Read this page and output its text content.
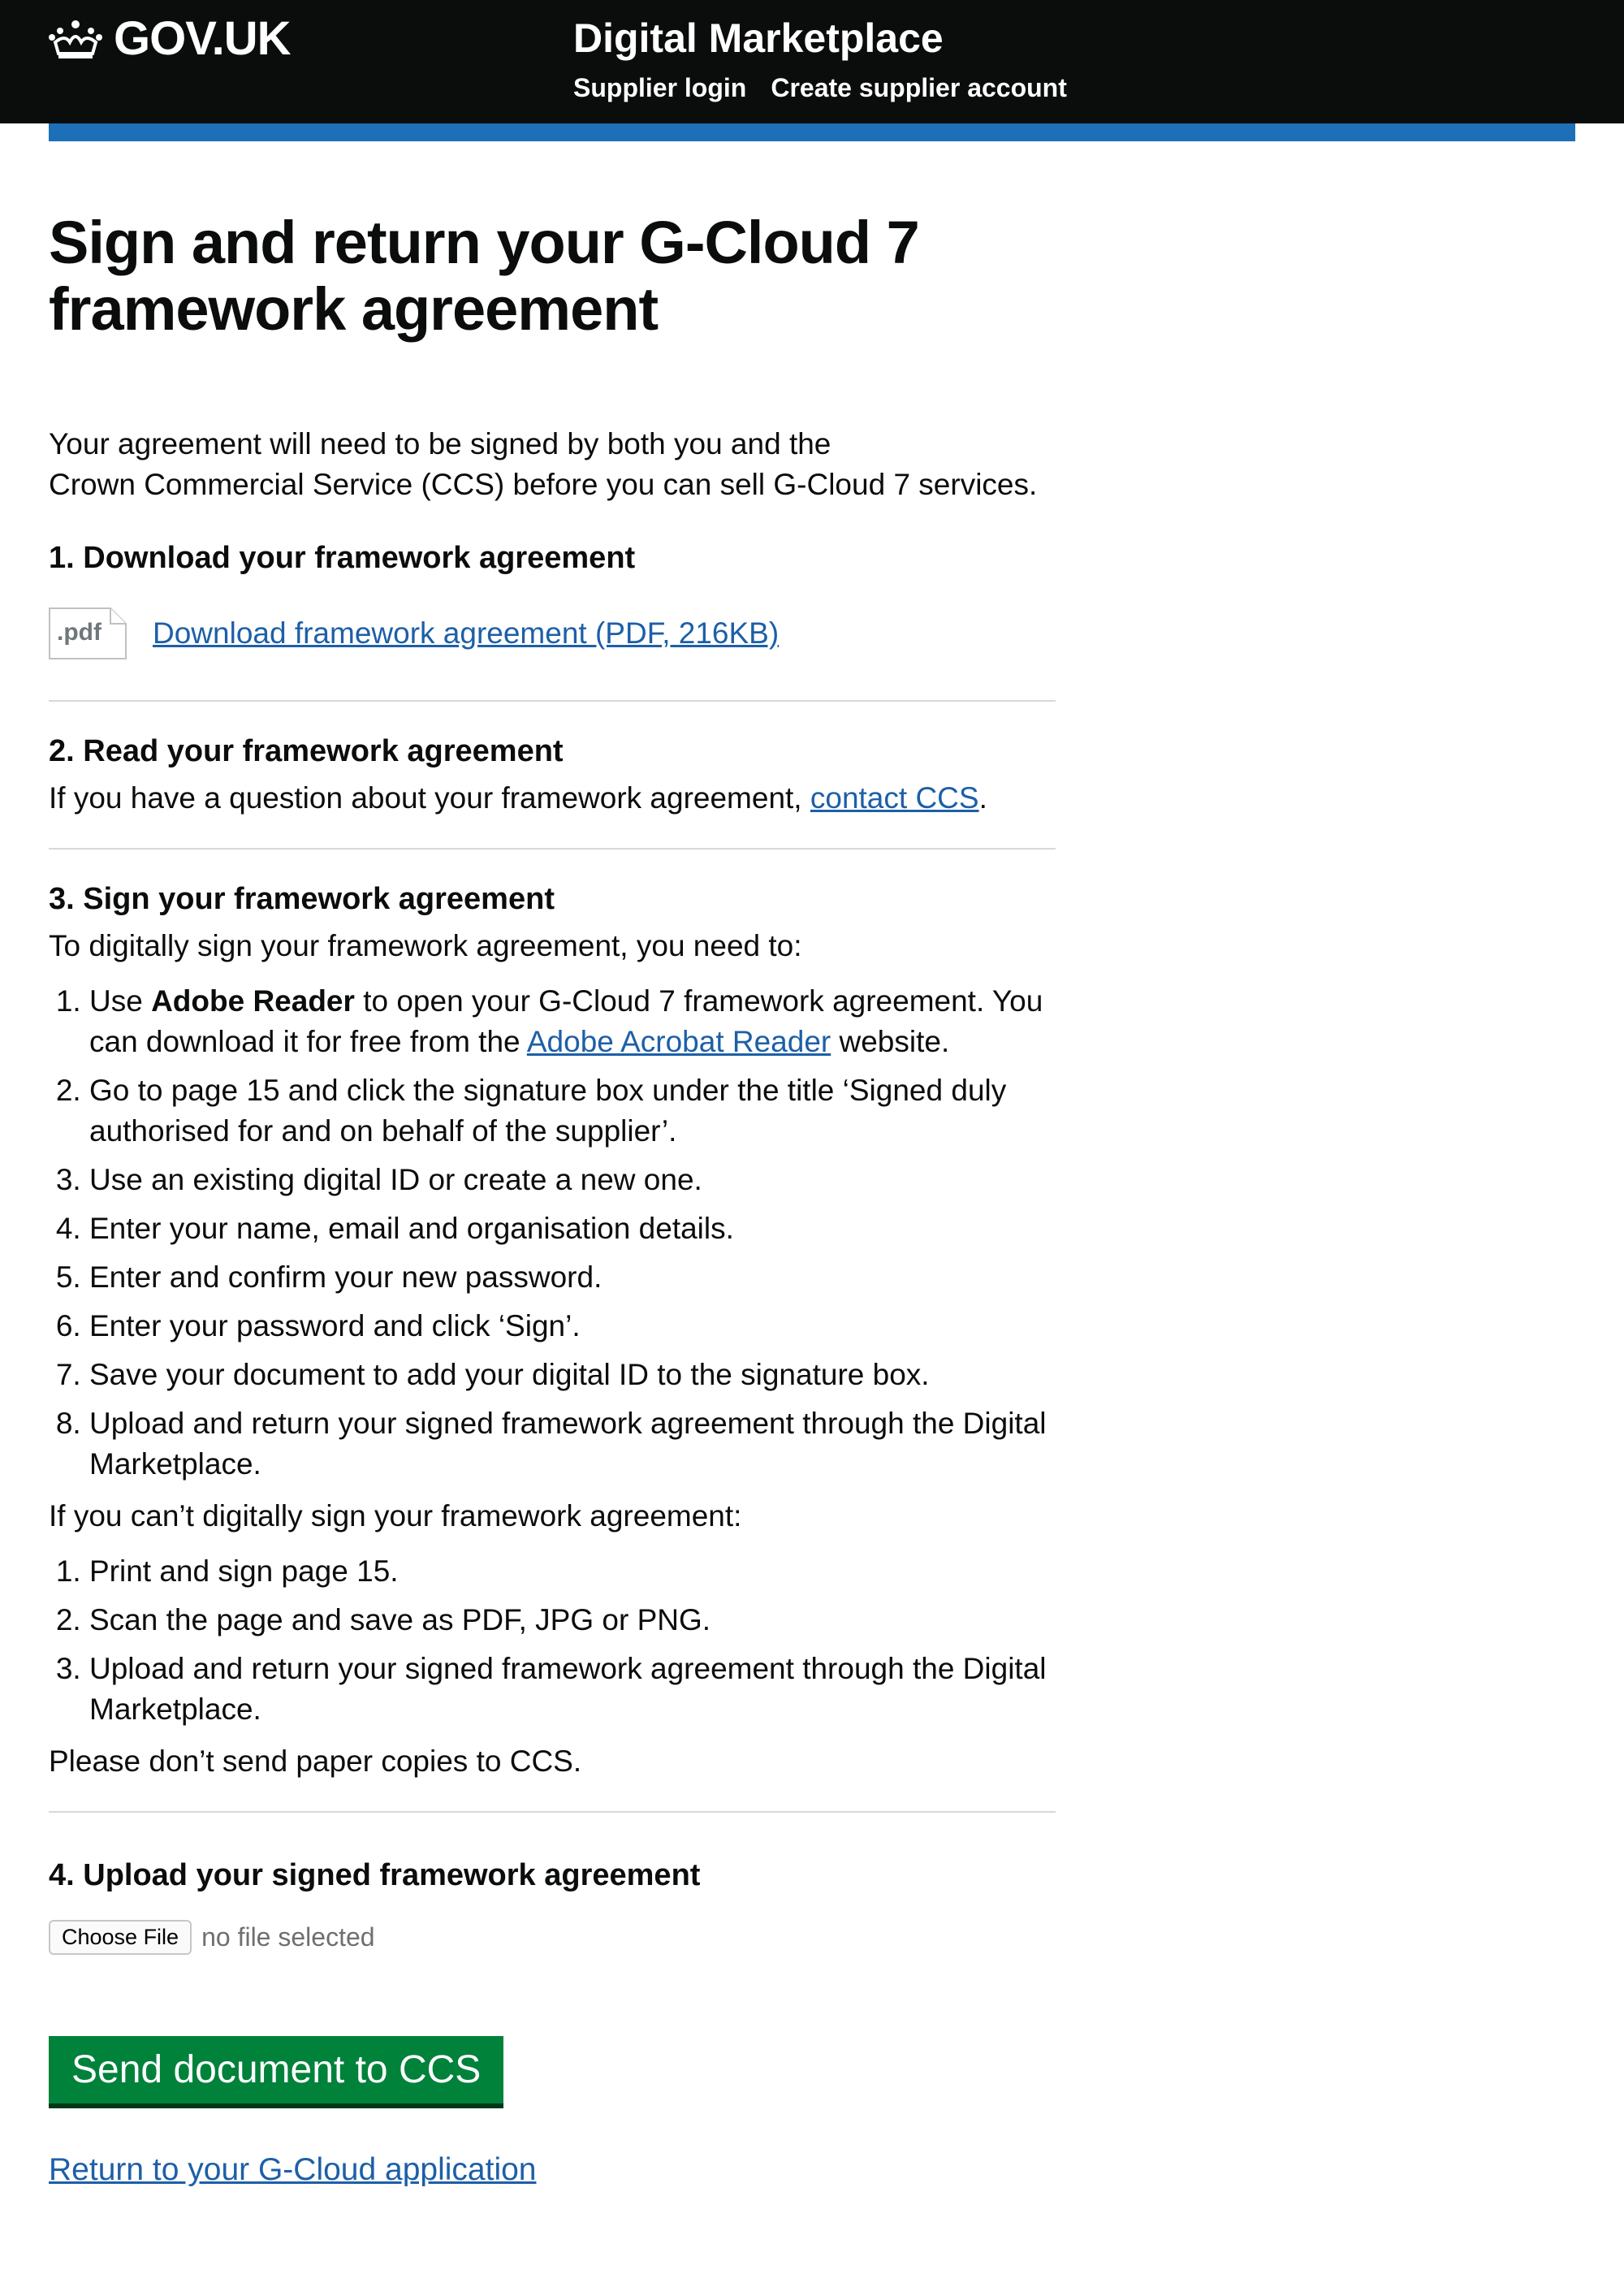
GOV.UK	Digital Marketplace
Supplier login Create supplier account
Sign and return your G-Cloud 7 framework agreement

Your agreement will need to be signed by both you and the
Crown Commercial Service (CCS) before you can sell G-Cloud 7 services.

1. Download your framework agreement

.pdf Download framework agreement (PDF, 216KB)

2. Read your framework agreement

If you have a question about your framework agreement, contact CCS.

3. Sign your framework agreement

To digitally sign your framework agreement, you need to:

1. Use Adobe Reader to open your G-Cloud 7 framework agreement. You can download it for free from the Adobe Acrobat Reader website.
2. Go to page 15 and click the signature box under the title ‘Signed duly authorised for and on behalf of the supplier’.
3. Use an existing digital ID or create a new one.
4. Enter your name, email and organisation details.
5. Enter and confirm your new password.
6. Enter your password and click ‘Sign’.
7. Save your document to add your digital ID to the signature box.
8. Upload and return your signed framework agreement through the Digital Marketplace.

If you can’t digitally sign your framework agreement:

1. Print and sign page 15.
2. Scan the page and save as PDF, JPG or PNG.
3. Upload and return your signed framework agreement through the Digital Marketplace.

Please don’t send paper copies to CCS.

4. Upload your signed framework agreement

Choose File no file selected
Send document to CCS
Return to your G-Cloud application
